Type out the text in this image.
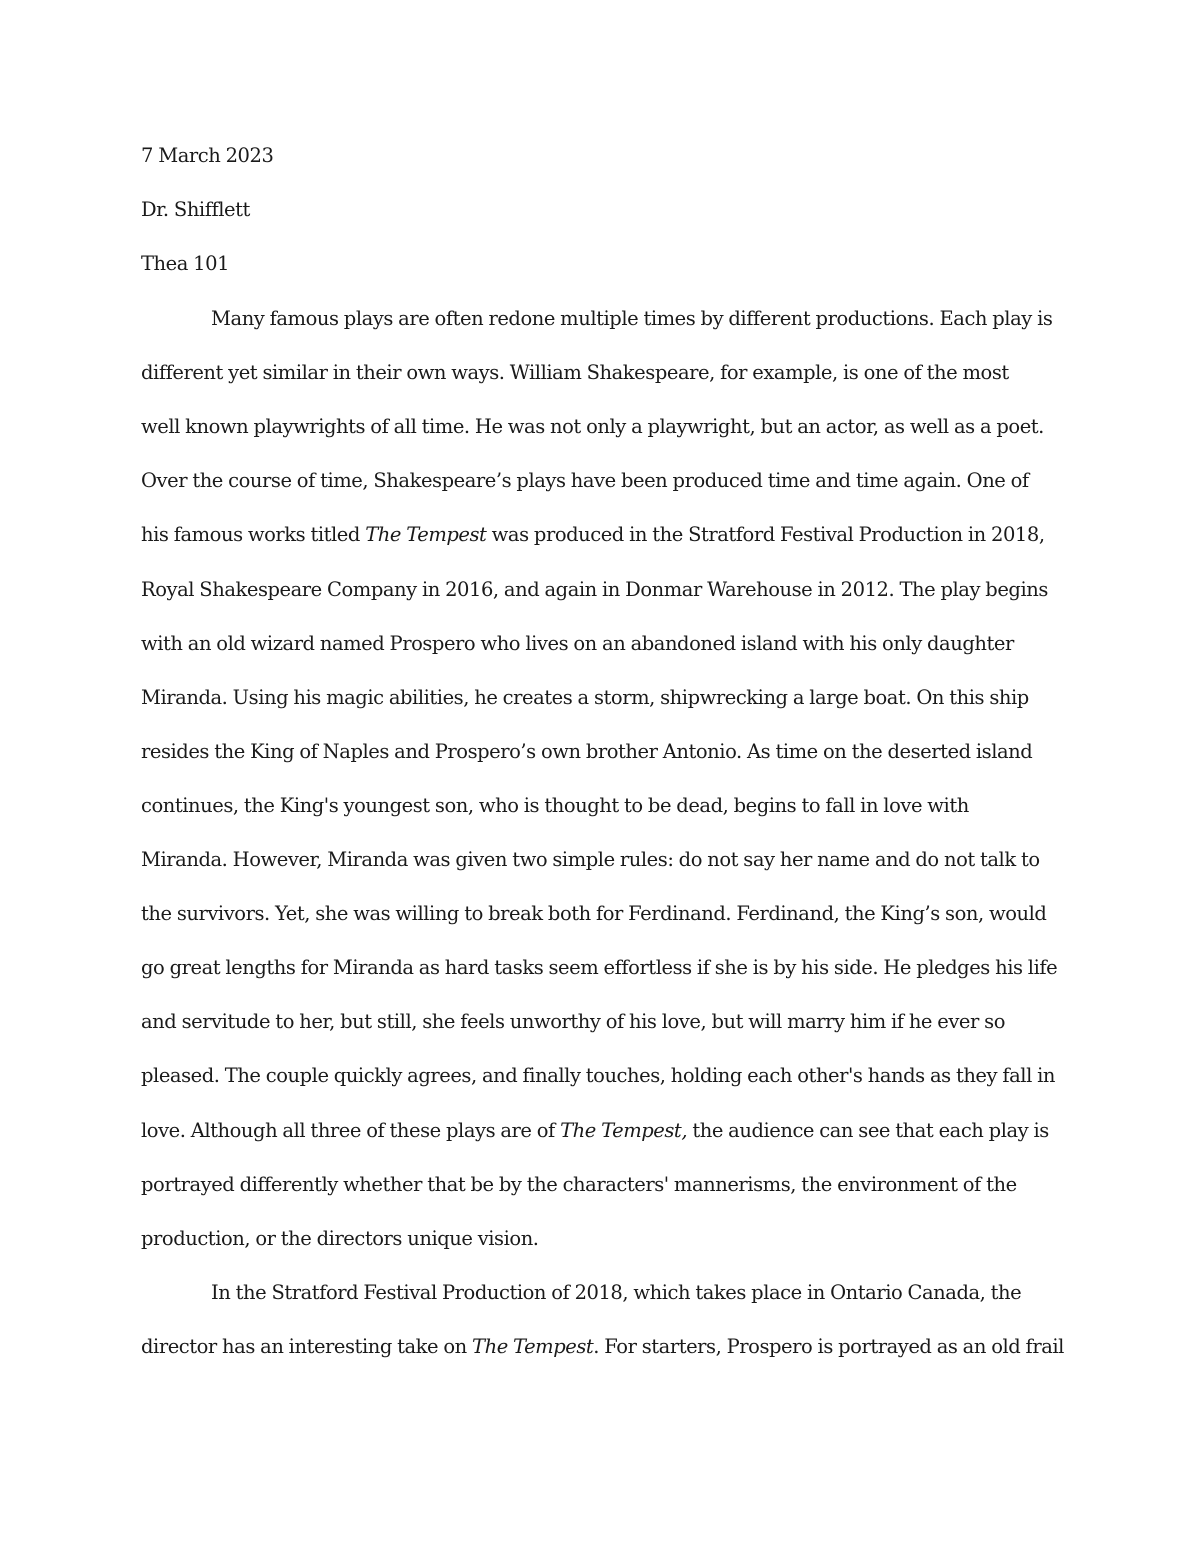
7 March 2023
Dr. Shifflett
Thea 101
Many famous plays are often redone multiple times by different productions. Each play is
different yet similar in their own ways. William Shakespeare, for example, is one of the most
well known playwrights of all time. He was not only a playwright, but an actor, as well as a poet.
Over the course of time, Shakespeare’s plays have been produced time and time again. One of
his famous works titled The Tempest was produced in the Stratford Festival Production in 2018,
Royal Shakespeare Company in 2016, and again in Donmar Warehouse in 2012. The play begins
with an old wizard named Prospero who lives on an abandoned island with his only daughter
Miranda. Using his magic abilities, he creates a storm, shipwrecking a large boat. On this ship
resides the King of Naples and Prospero’s own brother Antonio. As time on the deserted island
continues, the King's youngest son, who is thought to be dead, begins to fall in love with
Miranda. However, Miranda was given two simple rules: do not say her name and do not talk to
the survivors. Yet, she was willing to break both for Ferdinand. Ferdinand, the King’s son, would
go great lengths for Miranda as hard tasks seem effortless if she is by his side. He pledges his life
and servitude to her, but still, she feels unworthy of his love, but will marry him if he ever so
pleased. The couple quickly agrees, and finally touches, holding each other's hands as they fall in
love. Although all three of these plays are of The Tempest, the audience can see that each play is
portrayed differently whether that be by the characters' mannerisms, the environment of the
production, or the directors unique vision.
In the Stratford Festival Production of 2018, which takes place in Ontario Canada, the
director has an interesting take on The Tempest. For starters, Prospero is portrayed as an old frail
